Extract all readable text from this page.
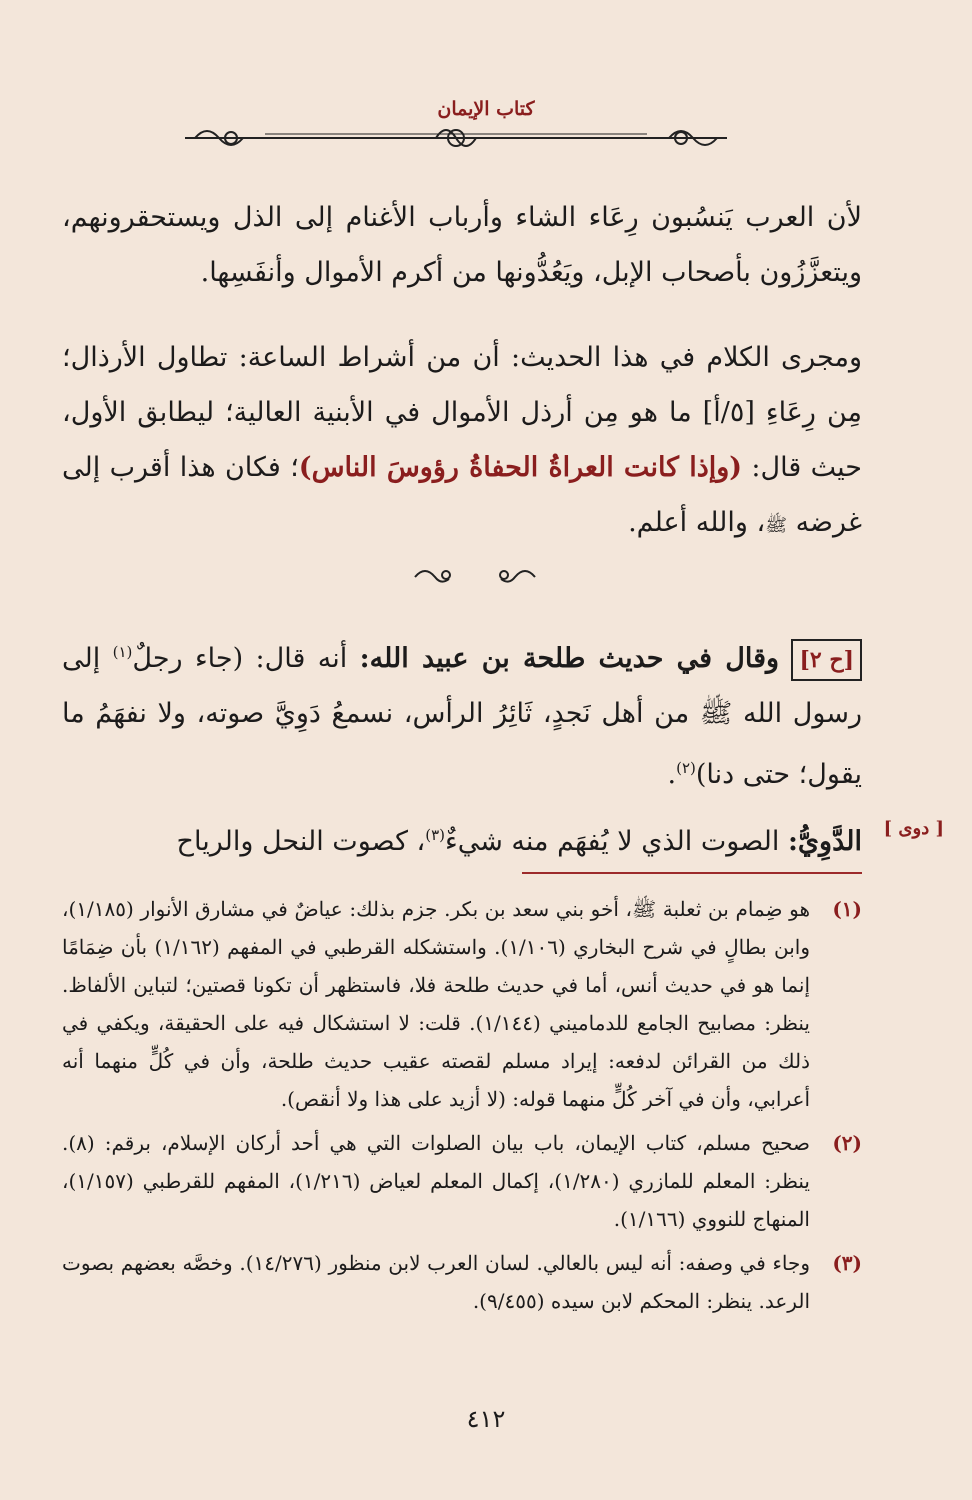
كتاب الإيمان

لأن العرب يَنسُبون رِعَاء الشاء وأرباب الأغنام إلى الذل ويستحقرونهم، ويتعزَّزُون بأصحاب الإبل، ويَعُدُّونها من أكرم الأموال وأنفَسِها.

ومجرى الكلام في هذا الحديث: أن من أشراط الساعة: تطاول الأرذال؛ مِن رِعَاءِ [٥/أ] ما هو مِن أرذل الأموال في الأبنية العالية؛ ليطابق الأول، حيث قال: (وإذا كانت العراةُ الحفاةُ رؤوسَ الناس)؛ فكان هذا أقرب إلى غرضه ﷺ، والله أعلم.

[ح ٢] وقال في حديث طلحة بن عبيد الله: أنه قال: (جاء رجلٌ$^{(١)}$ إلى رسول الله ﷺ من أهل نَجدٍ، ثَائِرُ الرأس، نسمعُ دَوِيَّ صوته، ولا نفهَمُ ما يقول؛ حتى دنا)$^{(٢)}$.

[ دوى ]
الدَّوِيُّ: الصوت الذي لا يُفهَم منه شيءٌ$^{(٣)}$، كصوت النحل والرياح
(١)
هو ضِمام بن ثعلبة ﷺ، أخو بني سعد بن بكر. جزم بذلك: عياضٌ في مشارق الأنوار (١/١٨٥)، وابن بطالٍ في شرح البخاري (١/١٠٦). واستشكله القرطبي في المفهم (١/١٦٢) بأن ضِمَامًا إنما هو في حديث أنس، أما في حديث طلحة فلا، فاستظهر أن تكونا قصتين؛ لتباين الألفاظ. ينظر: مصابيح الجامع للدماميني (١/١٤٤). قلت: لا استشكال فيه على الحقيقة، ويكفي في ذلك من القرائن لدفعه: إيراد مسلم لقصته عقيب حديث طلحة، وأن في كُلٍّ منهما أنه أعرابي، وأن في آخر كُلٍّ منهما قوله: (لا أزيد على هذا ولا أنقص).
(٢)
صحيح مسلم، كتاب الإيمان، باب بيان الصلوات التي هي أحد أركان الإسلام، برقم: (٨). ينظر: المعلم للمازري (١/٢٨٠)، إكمال المعلم لعياض (١/٢١٦)، المفهم للقرطبي (١/١٥٧)، المنهاج للنووي (١/١٦٦).
(٣)
وجاء في وصفه: أنه ليس بالعالي. لسان العرب لابن منظور (١٤/٢٧٦). وخصَّه بعضهم بصوت الرعد. ينظر: المحكم لابن سيده (٩/٤٥٥).
٤١٢
